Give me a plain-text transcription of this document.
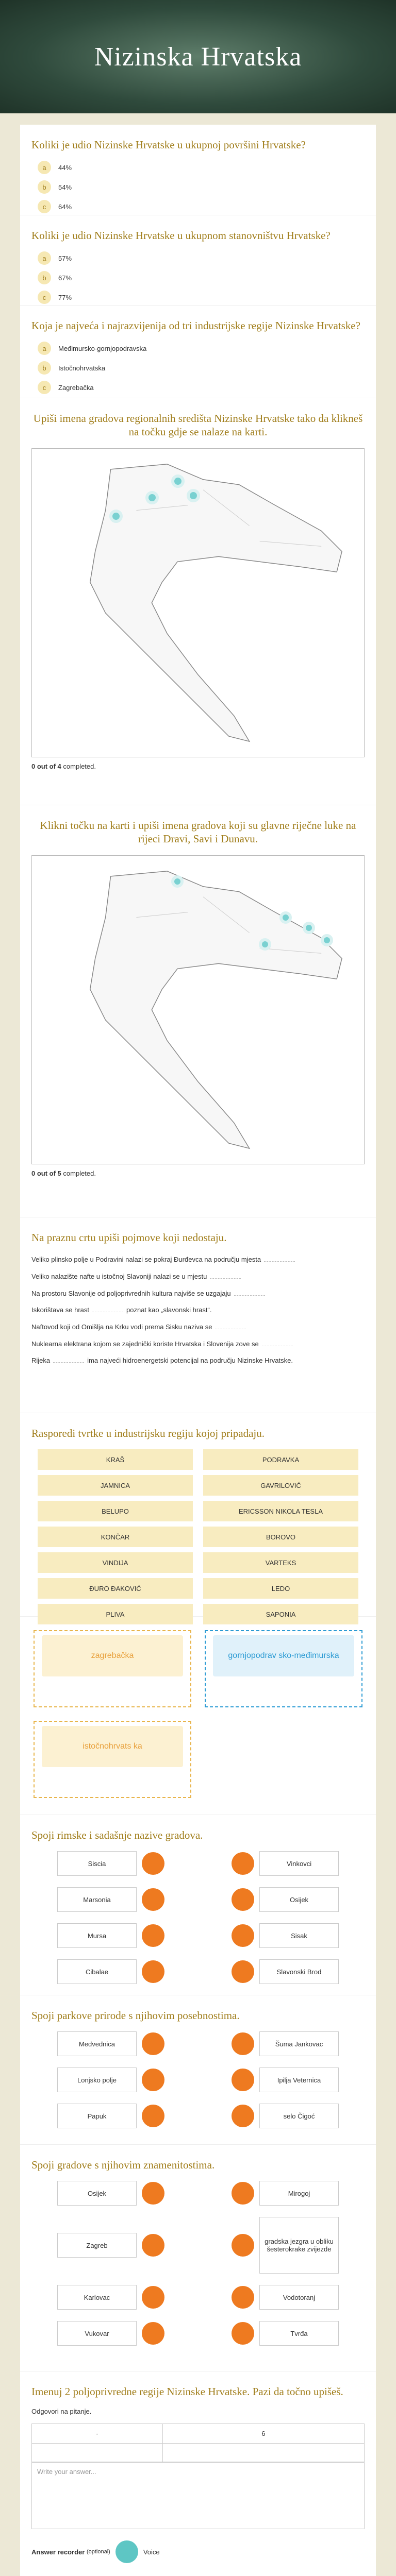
Nizinska Hrvatska
Koliki je udio Nizinske Hrvatske u ukupnoj površini Hrvatske?
a	44%
b	54%
c	64%
Koliki je udio Nizinske Hrvatske u ukupnom stanovništvu Hrvatske?
a	57%
b	67%
c	77%
Koja je najveća i najrazvijenija od tri industrijske regije Nizinske Hrvatske?
a	Međimursko-gornjopodravska
b	Istočnohrvatska
c	Zagrebačka
Upiši imena gradova regionalnih središta Nizinske Hrvatske tako da klikneš na točku gdje se nalaze na karti.
0 out of 4 completed.
Klikni točku na karti i upiši imena gradova koji su glavne riječne luke na rijeci Dravi, Savi i Dunavu.
0 out of 5 completed.
Na praznu crtu upiši pojmove koji nedostaju.

Veliko plinsko polje u Podravini nalazi se pokraj Đurđevca na području mjesta

Veliko nalazište nafte u istočnoj Slavoniji nalazi se u mjestu

Na prostoru Slavonije od poljoprivrednih kultura najviše se uzgajaju

Iskorištava se hrast	poznat kao „slavonski hrast“.

Naftovod koji od Omišlja na Krku vodi prema Sisku naziva se

Nuklearna elektrana kojom se zajednički koriste Hrvatska i Slovenija zove se

Rijeka	ima najveći hidroenergetski potencijal na području Nizinske Hrvatske.

Rasporedi tvrtke u industrijsku regiju kojoj pripadaju.
KRAŠ	PODRAVKA
JAMNICA	GAVRILOVIĆ
BELUPO	ERICSSON NIKOLA TESLA
KONČAR	BOROVO
VINDIJA	VARTEKS
ĐURO ĐAKOVIĆ	LEDO
PLIVA	SAPONIA
zagrebačka	gornjopodrav sko-međimurska
istočnohrvats ka
Spoji rimske i sadašnje nazive gradova.
Siscia	Vinkovci
Marsonia	Osijek
Mursa	Sisak
Cibalae	Slavonski Brod
Spoji parkove prirode s njihovim posebnostima.
Medvednica	Šuma Jankovac
Lonjsko polje	Ipilja Veternica
Papuk	selo Čigoć
Spoji gradove s njihovim znamenitostima.
Osijek	Mirogoj
Zagreb	gradska jezgra u obliku šesterokrake zvijezde
Karlovac	Vodotoranj
Vukovar	Tvrđa
Imenuj 2 poljoprivredne regije Nizinske Hrvatske. Pazi da točno upišeš.
Odgovori na pitanje.
-	6

Write your answer...
Answer recorder
(optional)	Voice
